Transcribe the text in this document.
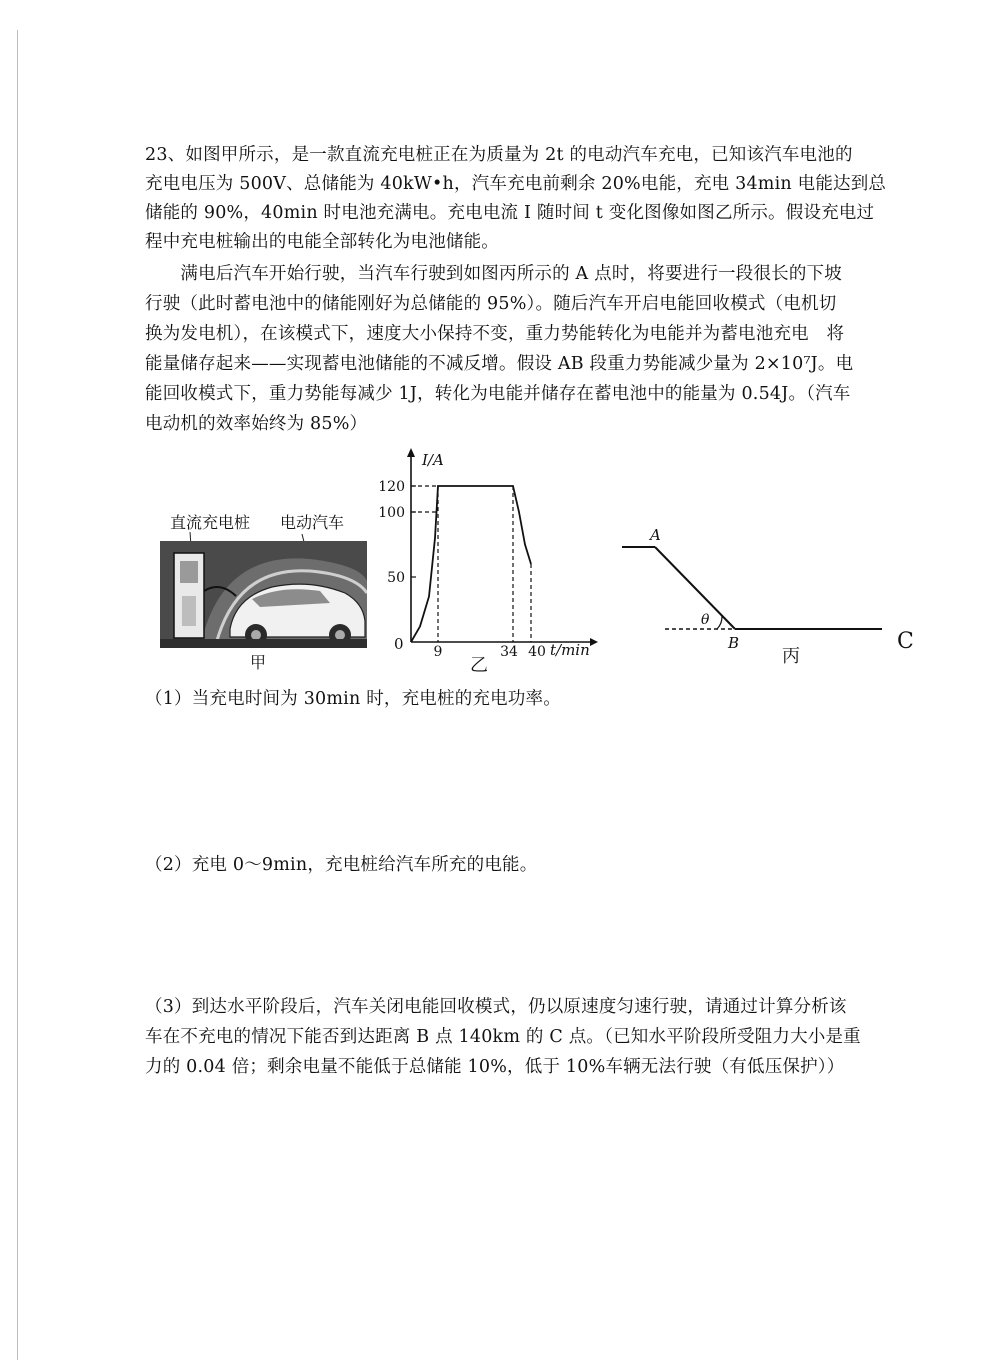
23、如图甲所示，是一款直流充电桩正在为质量为 2t 的电动汽车充电，已知该汽车电池的
充电电压为 500V、总储能为 40kW•h，汽车充电前剩余 20%电能，充电 34min 电能达到总
储能的 90%，40min 时电池充满电。充电电流 I 随时间 t 变化图像如图乙所示。假设充电过
程中充电桩输出的电能全部转化为电池储能。
　　满电后汽车开始行驶，当汽车行驶到如图丙所示的 A 点时，将要进行一段很长的下坡
行驶（此时蓄电池中的储能刚好为总储能的 95%）。随后汽车开启电能回收模式（电机切
换为发电机），在该模式下，速度大小保持不变，重力势能转化为电能并为蓄电池充电　将
能量储存起来——实现蓄电池储能的不减反增。假设 AB 段重力势能减少量为 2×10⁷J。电
能回收模式下，重力势能每减少 1J，转化为电能并储存在蓄电池中的能量为 0.54J。（汽车
电动机的效率始终为 85%）
直流充电桩 电动汽车
甲
I/A
t/min
0
50
100
120
9	34 40
乙
A
B	C
θ
丙
（1）当充电时间为 30min 时，充电桩的充电功率。
（2）充电 0～9min，充电桩给汽车所充的电能。
（3）到达水平阶段后，汽车关闭电能回收模式，仍以原速度匀速行驶，请通过计算分析该
车在不充电的情况下能否到达距离 B 点 140km 的 C 点。（已知水平阶段所受阻力大小是重
力的 0.04 倍；剩余电量不能低于总储能 10%，低于 10%车辆无法行驶（有低压保护））
